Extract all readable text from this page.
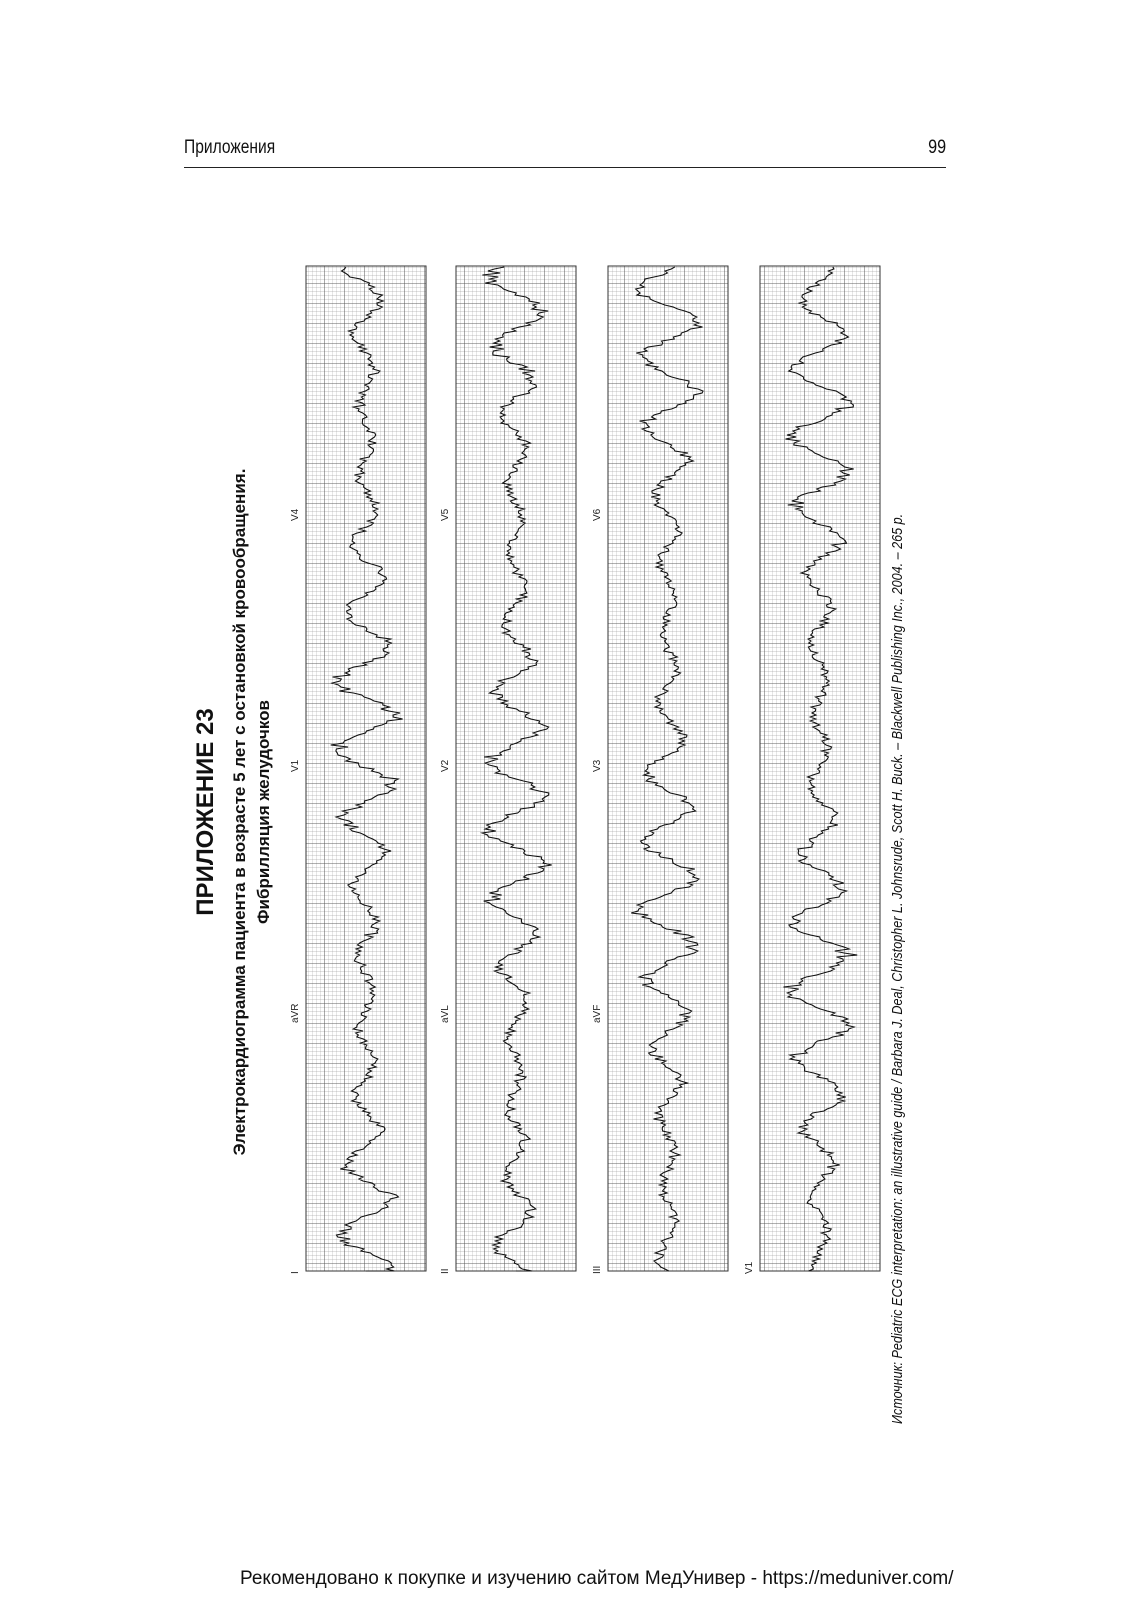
Приложения	99
ПРИЛОЖЕНИЕ 23 Электрокардиограмма пациента в возрасте 5 лет с остановкой кровообращения. Фибрилляция желудочков
I
aVR
V1
V4
II
aVL
V2
V5
III
aVF
V3
V6
V1	Источник: Pediatric ECG interpretation: an illustrative guide / Barbara J. Deal, Christopher L. Johnsrude, Scott H. Buck. – Blackwell Publishing Inc., 2004. – 265 p.
Рекомендовано к покупке и изучению сайтом МедУнивер - https://meduniver.com/
